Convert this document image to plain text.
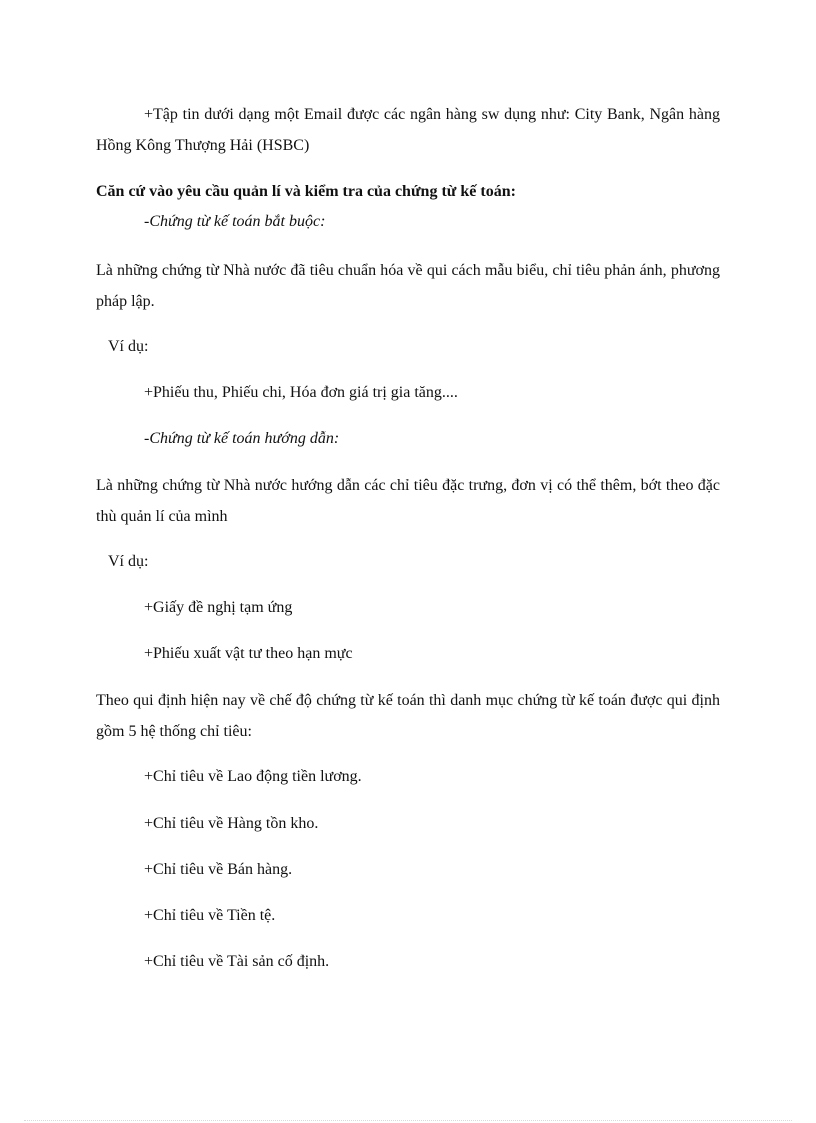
+Tập tin dưới dạng một Email được các ngân hàng sw dụng như: City Bank, Ngân hàng Hồng Kông Thượng Hải (HSBC)
Căn cứ vào yêu cầu quản lí và kiểm tra của chứng từ kế toán:
-Chứng từ kế toán bắt buộc:
Là những chứng từ Nhà nước đã tiêu chuẩn hóa về qui cách mẫu biểu, chỉ tiêu phản ánh, phương pháp lập.
Ví dụ:
+Phiếu thu, Phiếu chi, Hóa đơn giá trị gia tăng....
-Chứng từ kế toán hướng dẫn:
Là những chứng từ Nhà nước hướng dẫn các chỉ tiêu đặc trưng, đơn vị có thể thêm, bớt theo đặc thù quản lí của mình
Ví dụ:
+Giấy đề nghị tạm ứng
+Phiếu xuất vật tư theo hạn mực
Theo qui định hiện nay về chế độ chứng từ kế toán thì danh mục chứng từ kế toán được qui định gồm 5 hệ thống chỉ tiêu:
+Chỉ tiêu về Lao động tiền lương.
+Chỉ tiêu về Hàng tồn kho.
+Chỉ tiêu về Bán hàng.
+Chỉ tiêu về Tiền tệ.
+Chỉ tiêu về Tài sản cố định.
